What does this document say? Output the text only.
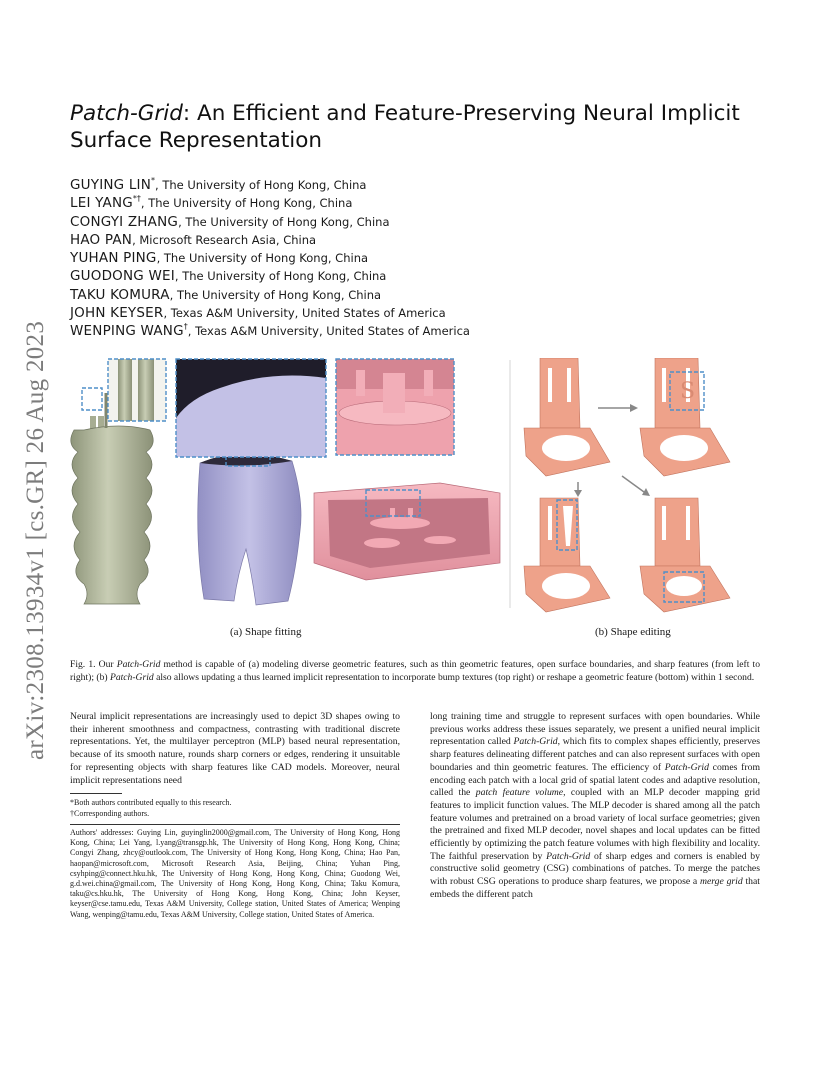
arXiv:2308.13934v1 [cs.GR] 26 Aug 2023
Patch-Grid: An Efficient and Feature-Preserving Neural Implicit Surface Representation
GUYING LIN*, The University of Hong Kong, China
LEI YANG*†, The University of Hong Kong, China
CONGYI ZHANG, The University of Hong Kong, China
HAO PAN, Microsoft Research Asia, China
YUHAN PING, The University of Hong Kong, China
GUODONG WEI, The University of Hong Kong, China
TAKU KOMURA, The University of Hong Kong, China
JOHN KEYSER, Texas A&M University, United States of America
WENPING WANG†, Texas A&M University, United States of America
S
(a) Shape fitting	(b) Shape editing
Fig. 1. Our Patch-Grid method is capable of (a) modeling diverse geometric features, such as thin geometric features, open surface boundaries, and sharp features (from left to right); (b) Patch-Grid also allows updating a thus learned implicit representation to incorporate bump textures (top right) or reshape a geometric feature (bottom) within 1 second.
Neural implicit representations are increasingly used to depict 3D shapes owing to their inherent smoothness and compactness, contrasting with traditional discrete representations. Yet, the multilayer perceptron (MLP) based neural representation, because of its smooth nature, rounds sharp corners or edges, rendering it unsuitable for representing objects with sharp features like CAD models. Moreover, neural implicit representations need
long training time and struggle to represent surfaces with open boundaries. While previous works address these issues separately, we present a unified neural implicit representation called Patch-Grid, which fits to complex shapes efficiently, preserves sharp features delineating different patches and can also represent surfaces with open boundaries and thin geometric features. The efficiency of Patch-Grid comes from encoding each patch with a local grid of spatial latent codes and adaptive resolution, called the patch feature volume, coupled with an MLP decoder mapping grid features to implicit function values. The MLP decoder is shared among all the patch feature volumes and pretrained on a broad variety of local surface geometries; given the pretrained and fixed MLP decoder, novel shapes and local updates can be fitted efficiently by optimizing the patch feature volumes with high flexibility and locality. The faithful preservation by Patch-Grid of sharp edges and corners is enabled by constructive solid geometry (CSG) combinations of patches. To merge the patches with robust CSG operations to produce sharp features, we propose a merge grid that embeds the different patch
*Both authors contributed equally to this research.
†Corresponding authors.
Authors' addresses: Guying Lin, guyinglin2000@gmail.com, The University of Hong Kong, Hong Kong, China; Lei Yang, l.yang@transgp.hk, The University of Hong Kong, Hong Kong, China; Congyi Zhang, zhcy@outlook.com, The University of Hong Kong, Hong Kong, China; Hao Pan, haopan@microsoft.com, Microsoft Research Asia, Beijing, China; Yuhan Ping, csyhping@connect.hku.hk, The University of Hong Kong, Hong Kong, China; Guodong Wei, g.d.wei.china@gmail.com, The University of Hong Kong, Hong Kong, China; Taku Komura, taku@cs.hku.hk, The University of Hong Kong, Hong Kong, China; John Keyser, keyser@cse.tamu.edu, Texas A&M University, College station, United States of America; Wenping Wang, wenping@tamu.edu, Texas A&M University, College station, United States of America.
